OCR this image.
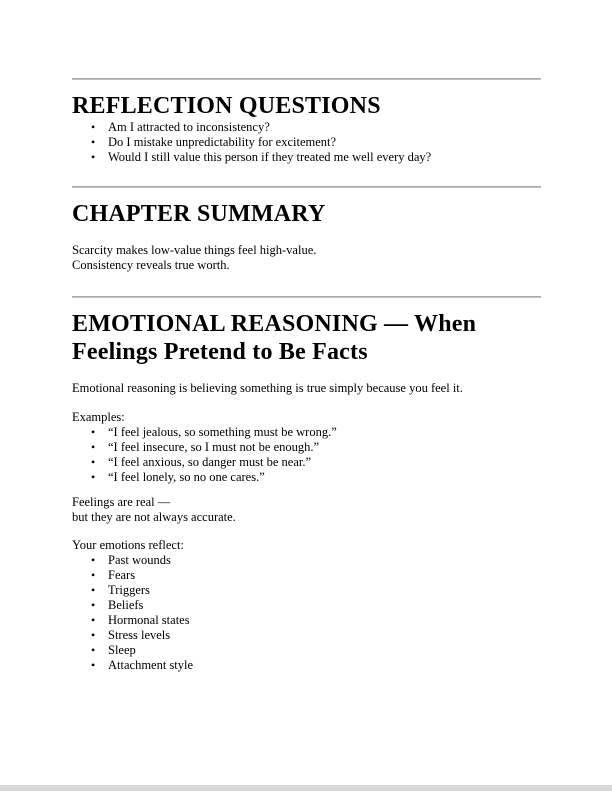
REFLECTION QUESTIONS
• Am I attracted to inconsistency?
• Do I mistake unpredictability for excitement?
• Would I still value this person if they treated me well every day?
CHAPTER SUMMARY

Scarcity makes low-value things feel high-value.
Consistency reveals true worth.

EMOTIONAL REASONING — When
Feelings Pretend to Be Facts

Emotional reasoning is believing something is true simply because you feel it.

Examples:

• “I feel jealous, so something must be wrong.”
• “I feel insecure, so I must not be enough.”
• “I feel anxious, so danger must be near.”
• “I feel lonely, so no one cares.”

Feelings are real —
but they are not always accurate.

Your emotions reflect:

• Past wounds
• Fears
• Triggers
• Beliefs
• Hormonal states
• Stress levels
• Sleep
• Attachment style
